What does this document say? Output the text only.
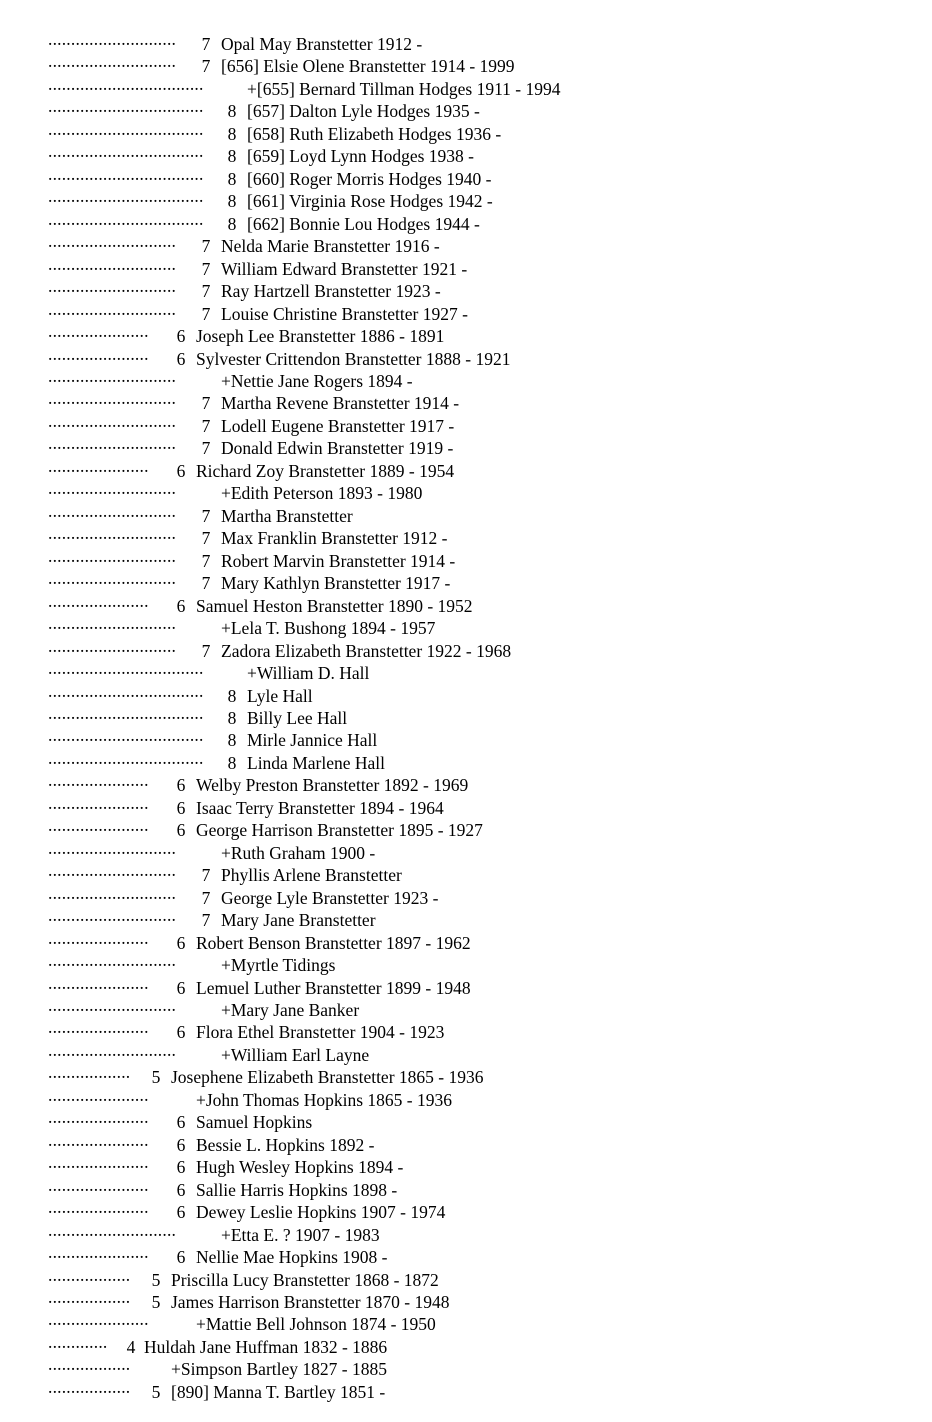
............................ 7 Opal May Branstetter 1912 -
............................ 7 [656] Elsie Olene Branstetter 1914 - 1999
.................................. +[655] Bernard Tillman Hodges 1911 - 1994
.................................. 8 [657] Dalton Lyle Hodges 1935 -
.................................. 8 [658] Ruth Elizabeth Hodges 1936 -
.................................. 8 [659] Loyd Lynn Hodges 1938 -
.................................. 8 [660] Roger Morris Hodges 1940 -
.................................. 8 [661] Virginia Rose Hodges 1942 -
.................................. 8 [662] Bonnie Lou Hodges 1944 -
............................ 7 Nelda Marie Branstetter 1916 -
............................ 7 William Edward Branstetter 1921 -
............................ 7 Ray Hartzell Branstetter 1923 -
............................ 7 Louise Christine Branstetter 1927 -
...................... 6 Joseph Lee Branstetter 1886 - 1891
...................... 6 Sylvester Crittendon Branstetter 1888 - 1921
............................	+Nettie Jane Rogers 1894 -
............................ 7 Martha Revene Branstetter 1914 -
............................ 7 Lodell Eugene Branstetter 1917 -
............................ 7 Donald Edwin Branstetter 1919 -
...................... 6 Richard Zoy Branstetter 1889 - 1954
............................	+Edith Peterson 1893 - 1980
............................ 7 Martha Branstetter
............................ 7 Max Franklin Branstetter 1912 -
............................ 7 Robert Marvin Branstetter 1914 -
............................ 7 Mary Kathlyn Branstetter 1917 -
...................... 6 Samuel Heston Branstetter 1890 - 1952
............................	+Lela T. Bushong 1894 - 1957
............................ 7 Zadora Elizabeth Branstetter 1922 - 1968
.................................. +William D. Hall
.................................. 8 Lyle Hall
.................................. 8 Billy Lee Hall
.................................. 8 Mirle Jannice Hall
.................................. 8 Linda Marlene Hall
...................... 6 Welby Preston Branstetter 1892 - 1969
...................... 6 Isaac Terry Branstetter 1894 - 1964
...................... 6 George Harrison Branstetter 1895 - 1927
............................	+Ruth Graham 1900 -
............................ 7 Phyllis Arlene Branstetter
............................ 7 George Lyle Branstetter 1923 -
............................ 7 Mary Jane Branstetter
...................... 6 Robert Benson Branstetter 1897 - 1962
............................	+Myrtle Tidings
...................... 6 Lemuel Luther Branstetter 1899 - 1948
............................	+Mary Jane Banker
...................... 6 Flora Ethel Branstetter 1904 - 1923
............................	+William Earl Layne
.................. 5 Josephene Elizabeth Branstetter 1865 - 1936
......................	+John Thomas Hopkins 1865 - 1936
...................... 6 Samuel Hopkins
...................... 6 Bessie L. Hopkins 1892 -
...................... 6 Hugh Wesley Hopkins 1894 -
...................... 6 Sallie Harris Hopkins 1898 -
...................... 6 Dewey Leslie Hopkins 1907 - 1974
............................	+Etta E. ? 1907 - 1983
...................... 6 Nellie Mae Hopkins 1908 -
.................. 5 Priscilla Lucy Branstetter 1868 - 1872
.................. 5 James Harrison Branstetter 1870 - 1948
......................	+Mattie Bell Johnson 1874 - 1950
............. 4 Huldah Jane Huffman 1832 - 1886
.................. +Simpson Bartley 1827 - 1885
.................. 5 [890] Manna T. Bartley 1851 -
